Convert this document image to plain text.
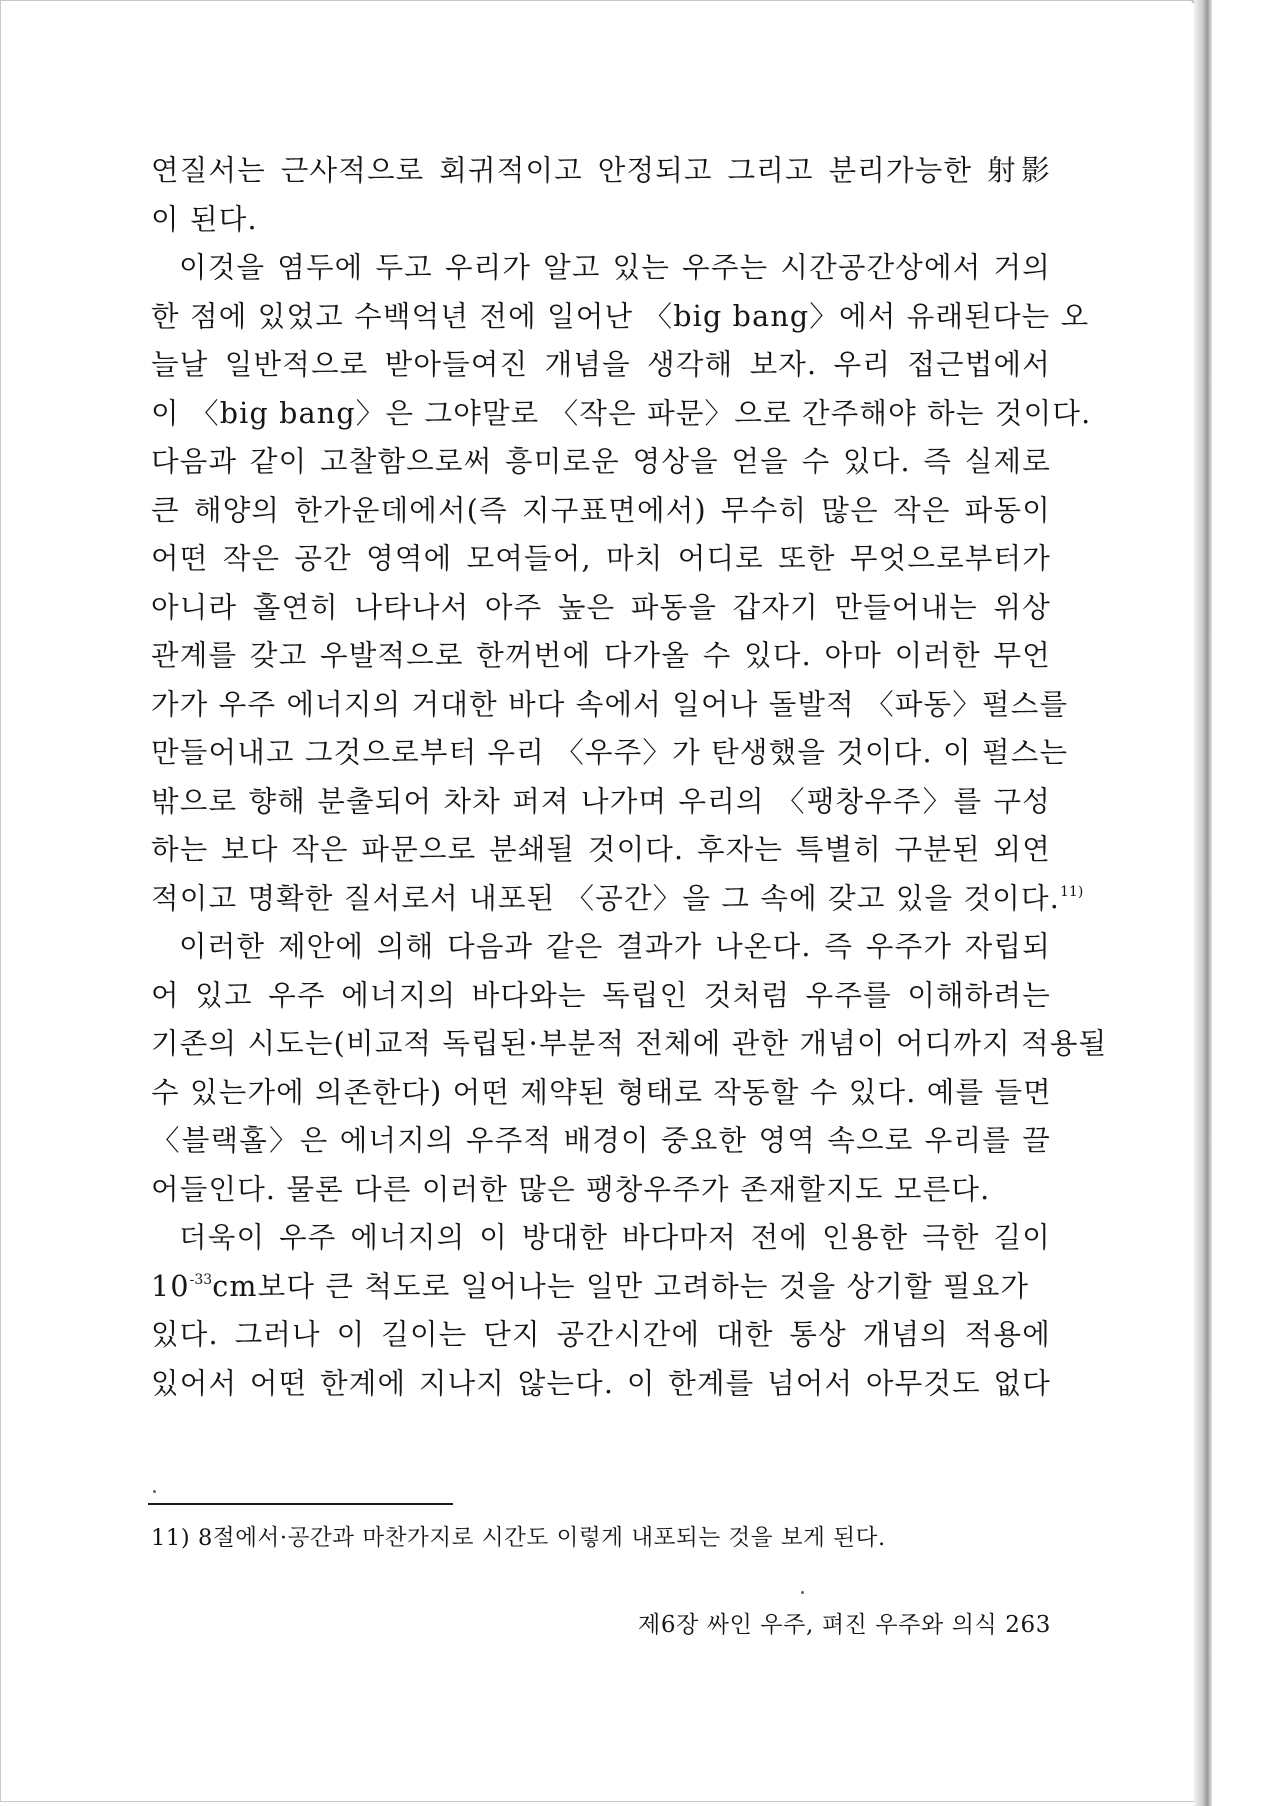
연질서는 근사적으로 회귀적이고 안정되고 그리고 분리가능한 射影
이 된다.
이것을 염두에 두고 우리가 알고 있는 우주는 시간공간상에서 거의
한 점에 있었고 수백억년 전에 일어난 〈big bang〉에서 유래된다는 오
늘날 일반적으로 받아들여진 개념을 생각해 보자. 우리 접근법에서
이 〈big bang〉은 그야말로 〈작은 파문〉으로 간주해야 하는 것이다.
다음과 같이 고찰함으로써 흥미로운 영상을 얻을 수 있다. 즉 실제로
큰 해양의 한가운데에서(즉 지구표면에서) 무수히 많은 작은 파동이
어떤 작은 공간 영역에 모여들어, 마치 어디로 또한 무엇으로부터가
아니라 홀연히 나타나서 아주 높은 파동을 갑자기 만들어내는 위상
관계를 갖고 우발적으로 한꺼번에 다가올 수 있다. 아마 이러한 무언
가가 우주 에너지의 거대한 바다 속에서 일어나 돌발적 〈파동〉펄스를
만들어내고 그것으로부터 우리 〈우주〉가 탄생했을 것이다. 이 펄스는
밖으로 향해 분출되어 차차 퍼져 나가며 우리의 〈팽창우주〉를 구성
하는 보다 작은 파문으로 분쇄될 것이다. 후자는 특별히 구분된 외연
적이고 명확한 질서로서 내포된 〈공간〉을 그 속에 갖고 있을 것이다.$^{11)}$
이러한 제안에 의해 다음과 같은 결과가 나온다. 즉 우주가 자립되
어 있고 우주 에너지의 바다와는 독립인 것처럼 우주를 이해하려는
기존의 시도는(비교적 독립된·부분적 전체에 관한 개념이 어디까지 적용될
수 있는가에 의존한다) 어떤 제약된 형태로 작동할 수 있다. 예를 들면
〈블랙홀〉은 에너지의 우주적 배경이 중요한 영역 속으로 우리를 끌
어들인다. 물론 다른 이러한 많은 팽창우주가 존재할지도 모른다.
더욱이 우주 에너지의 이 방대한 바다마저 전에 인용한 극한 길이
$10^{-33}cm$보다 큰 척도로 일어나는 일만 고려하는 것을 상기할 필요가
있다. 그러나 이 길이는 단지 공간시간에 대한 통상 개념의 적용에
있어서 어떤 한계에 지나지 않는다. 이 한계를 넘어서 아무것도 없다
11) 8절에서·공간과 마찬가지로 시간도 이렇게 내포되는 것을 보게 된다.
제6장 싸인 우주, 펴진 우주와 의식 263
